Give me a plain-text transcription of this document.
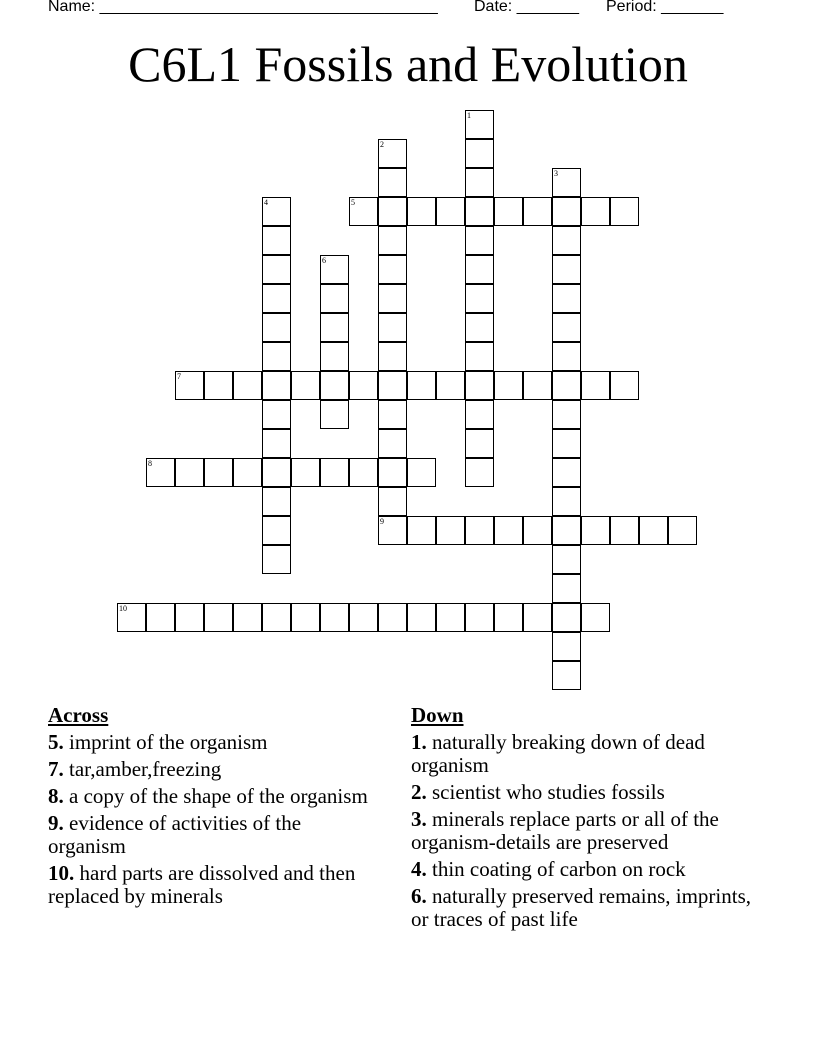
Name: ______________________________________ Date: _______ Period: _______
C6L1 Fossils and Evolution
1
2
3
4	5
6
7
8
9
10
Across
5. imprint of the organism
7. tar,amber,freezing
8. a copy of the shape of the organism
9. evidence of activities of the organism
10. hard parts are dissolved and then replaced by minerals
Down
1. naturally breaking down of dead organism
2. scientist who studies fossils
3. minerals replace parts or all of the organism-details are preserved
4. thin coating of carbon on rock
6. naturally preserved remains, imprints, or traces of past life
